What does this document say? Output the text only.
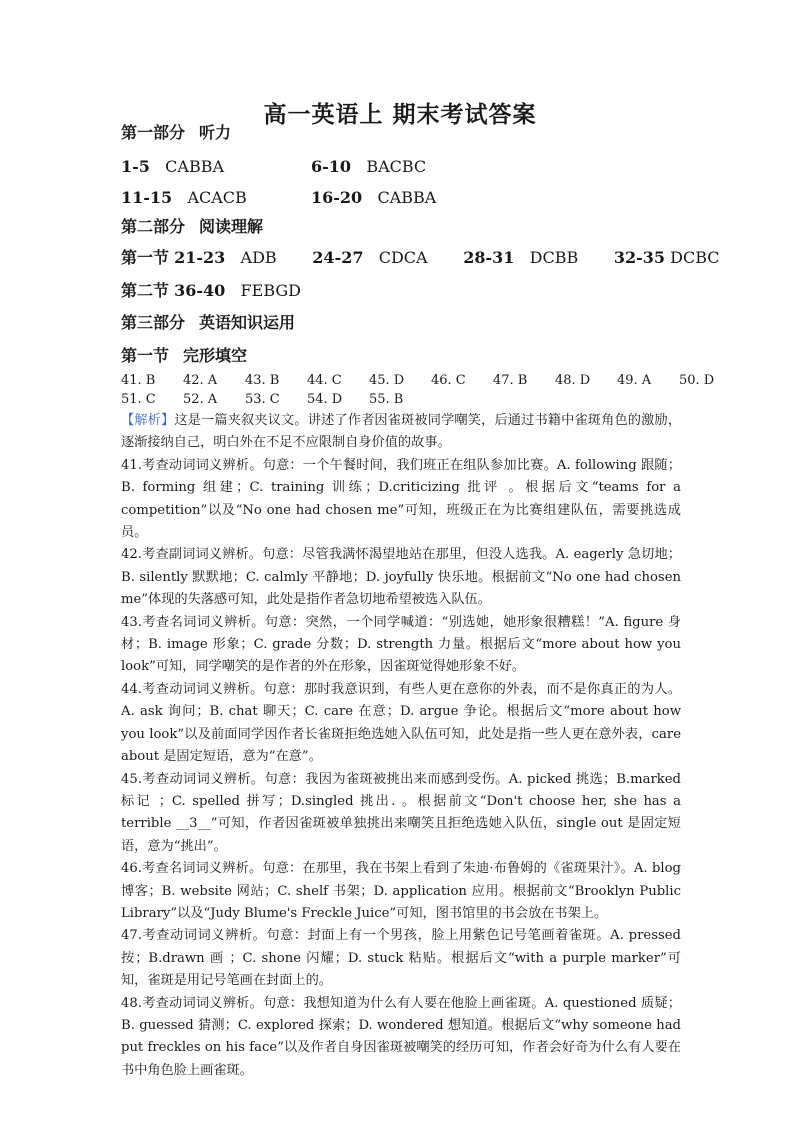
高一英语上 期末考试答案
第一部分 听力
1-5 CABBA	6-10 BACBC
11-15 ACACB	16-20 CABBA
第二部分 阅读理解
第一节 21-23 ADB 24-27 CDCA 28-31 DCBB 32-35 DCBC
第二节 36-40 FEBGD
第三部分 英语知识运用
第一节 完形填空
41. B 42. A 43. B 44. C 45. D 46. C 47. B 48. D 49. A 50. D
51. C 52. A 53. C 54. D 55. B

【解析】这是一篇夹叙夹议文。讲述了作者因雀斑被同学嘲笑，后通过书籍中雀斑角色的激励，逐渐接纳自己，明白外在不足不应限制自身价值的故事。

41.考查动词词义辨析。句意：一个午餐时间，我们班正在组队参加比赛。A. following 跟随；B. forming 组建；C. training 训练；D.criticizing 批评 。根据后文“teams for a competition”以及“No one had chosen me”可知，班级正在为比赛组建队伍，需要挑选成员。

42.考查副词词义辨析。句意：尽管我满怀渴望地站在那里，但没人选我。A. eagerly 急切地；B. silently 默默地；C. calmly 平静地；D. joyfully 快乐地。根据前文“No one had chosen me”体现的失落感可知，此处是指作者急切地希望被选入队伍。

43.考查名词词义辨析。句意：突然，一个同学喊道：“别选她，她形象很糟糕！”A. figure 身材；B. image 形象；C. grade 分数；D. strength 力量。根据后文“more about how you look”可知，同学嘲笑的是作者的外在形象，因雀斑觉得她形象不好。

44.考查动词词义辨析。句意：那时我意识到，有些人更在意你的外表，而不是你真正的为人。A. ask 询问；B. chat 聊天；C. care 在意；D. argue 争论。根据后文“more about how you look”以及前面同学因作者长雀斑拒绝选她入队伍可知，此处是指一些人更在意外表，care about 是固定短语，意为“在意”。

45.考查动词词义辨析。句意：我因为雀斑被挑出来而感到受伤。A. picked 挑选；B.marked 标记 ；C. spelled 拼写；D.singled 挑出. 。根据前文“Don't choose her, she has a terrible __3__”可知，作者因雀斑被单独挑出来嘲笑且拒绝选她入队伍，single out 是固定短语，意为“挑出”。

46.考查名词词义辨析。句意：在那里，我在书架上看到了朱迪·布鲁姆的《雀斑果汁》。A. blog 博客；B. website 网站；C. shelf 书架；D. application 应用。根据前文“Brooklyn Public Library”以及“Judy Blume's Freckle Juice”可知，图书馆里的书会放在书架上。

47.考查动词词义辨析。句意：封面上有一个男孩，脸上用紫色记号笔画着雀斑。A. pressed 按；B.drawn 画 ；C. shone 闪耀；D. stuck 粘贴。根据后文“with a purple marker”可知，雀斑是用记号笔画在封面上的。

48.考查动词词义辨析。句意：我想知道为什么有人要在他脸上画雀斑。A. questioned 质疑；B. guessed 猜测；C. explored 探索；D. wondered 想知道。根据后文“why someone had put freckles on his face”以及作者自身因雀斑被嘲笑的经历可知，作者会好奇为什么有人要在书中角色脸上画雀斑。
